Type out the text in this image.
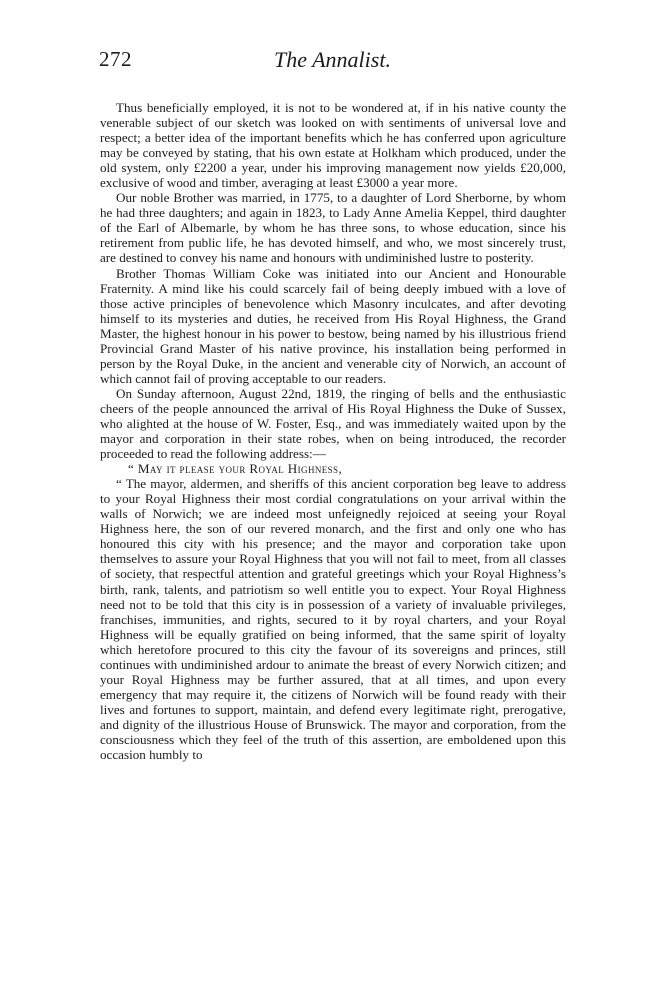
272	The Annalist.

Thus beneficially employed, it is not to be wondered at, if in his native county the venerable subject of our sketch was looked on with sentiments of universal love and respect; a better idea of the important benefits which he has conferred upon agriculture may be conveyed by stating, that his own estate at Holkham which produced, under the old system, only £2200 a year, under his improving management now yields £20,000, exclusive of wood and timber, averaging at least £3000 a year more.

Our noble Brother was married, in 1775, to a daughter of Lord Sherborne, by whom he had three daughters; and again in 1823, to Lady Anne Amelia Keppel, third daughter of the Earl of Albemarle, by whom he has three sons, to whose education, since his retirement from public life, he has devoted himself, and who, we most sincerely trust, are destined to convey his name and honours with undiminished lustre to posterity.

Brother Thomas William Coke was initiated into our Ancient and Honourable Fraternity. A mind like his could scarcely fail of being deeply imbued with a love of those active principles of benevolence which Masonry inculcates, and after devoting himself to its mysteries and duties, he received from His Royal Highness, the Grand Master, the highest honour in his power to bestow, being named by his illustrious friend Provincial Grand Master of his native province, his installation being performed in person by the Royal Duke, in the ancient and venerable city of Norwich, an account of which cannot fail of proving acceptable to our readers.

On Sunday afternoon, August 22nd, 1819, the ringing of bells and the enthusiastic cheers of the people announced the arrival of His Royal Highness the Duke of Sussex, who alighted at the house of W. Foster, Esq., and was immediately waited upon by the mayor and corporation in their state robes, when on being introduced, the recorder proceeded to read the following address:—

“ May it please your Royal Highness,

“ The mayor, aldermen, and sheriffs of this ancient corporation beg leave to address to your Royal Highness their most cordial congratulations on your arrival within the walls of Norwich; we are indeed most unfeignedly rejoiced at seeing your Royal Highness here, the son of our revered monarch, and the first and only one who has honoured this city with his presence; and the mayor and corporation take upon themselves to assure your Royal Highness that you will not fail to meet, from all classes of society, that respectful attention and grateful greetings which your Royal Highness’s birth, rank, talents, and patriotism so well entitle you to expect. Your Royal Highness need not to be told that this city is in possession of a variety of invaluable privileges, franchises, immunities, and rights, secured to it by royal charters, and your Royal Highness will be equally gratified on being informed, that the same spirit of loyalty which heretofore procured to this city the favour of its sovereigns and princes, still continues with undiminished ardour to animate the breast of every Norwich citizen; and your Royal Highness may be further assured, that at all times, and upon every emergency that may require it, the citizens of Norwich will be found ready with their lives and fortunes to support, maintain, and defend every legitimate right, prerogative, and dignity of the illustrious House of Brunswick. The mayor and corporation, from the consciousness which they feel of the truth of this assertion, are emboldened upon this occasion humbly to
